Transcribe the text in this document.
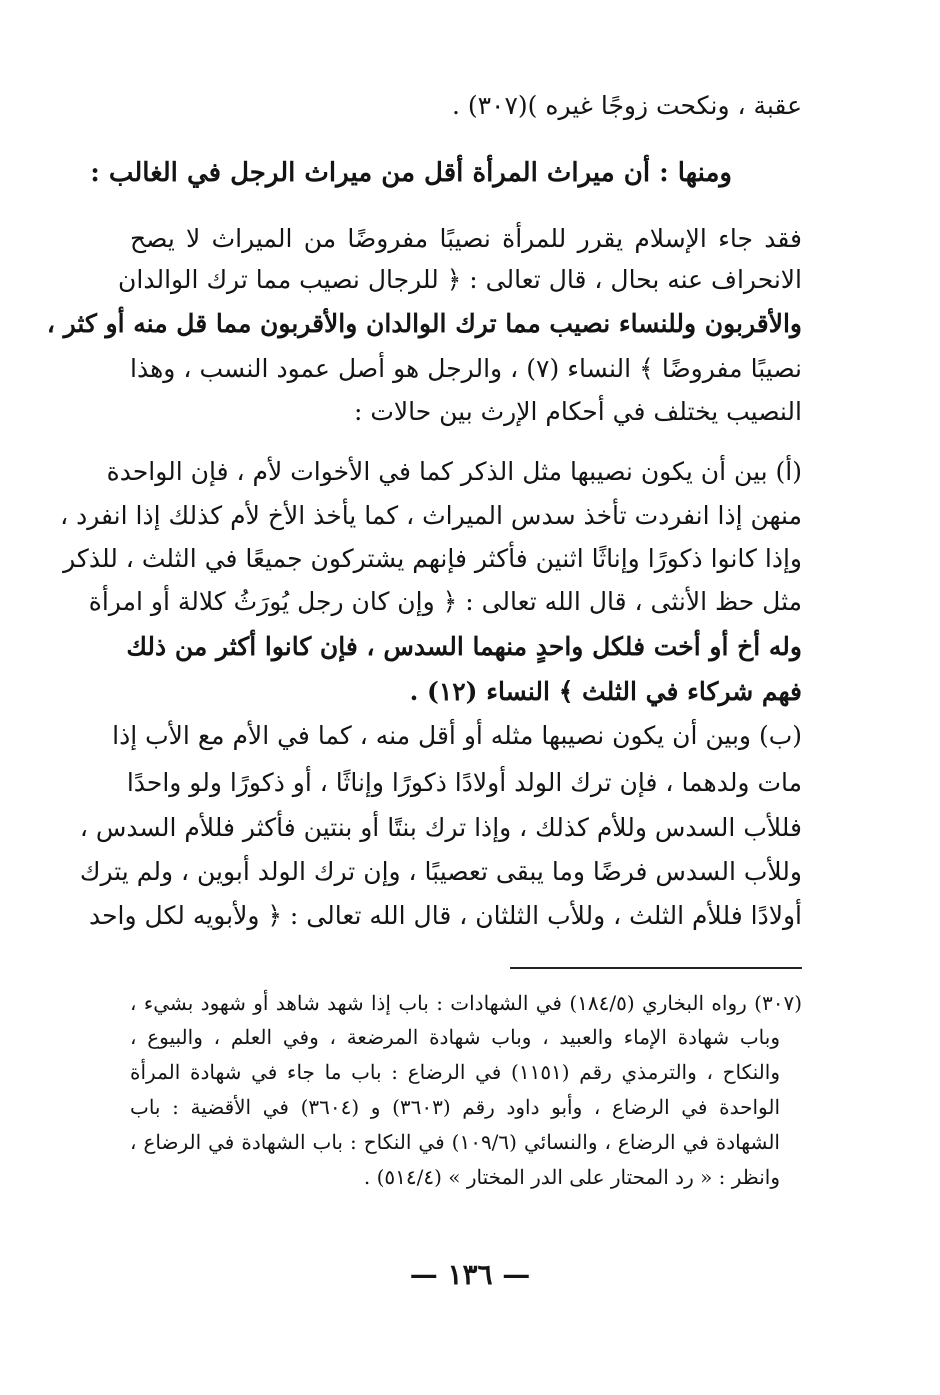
عقبة ، ونكحت زوجًا غيره )(٣٠٧) .
ومنها : أن ميراث المرأة أقل من ميراث الرجل في الغالب :
فقد جاء الإسلام يقرر للمرأة نصيبًا مفروضًا من الميراث لا يصح
الانحراف عنه بحال ، قال تعالى : ﴿ للرجال نصيب مما ترك الوالدان
والأقربون وللنساء نصيب مما ترك الوالدان والأقربون مما قل منه أو كثر ،
نصيبًا مفروضًا ﴾ النساء (٧) ، والرجل هو أصل عمود النسب ، وهذا
النصيب يختلف في أحكام الإرث بين حالات :
(أ) بين أن يكون نصيبها مثل الذكر كما في الأخوات لأم ، فإن الواحدة
منهن إذا انفردت تأخذ سدس الميراث ، كما يأخذ الأخ لأم كذلك إذا انفرد ،
وإذا كانوا ذكورًا وإناثًا اثنين فأكثر فإنهم يشتركون جميعًا في الثلث ، للذكر
مثل حظ الأنثى ، قال الله تعالى : ﴿ وإن كان رجل يُورَثُ كلالة أو امرأة
وله أخ أو أخت فلكل واحدٍ منهما السدس ، فإن كانوا أكثر من ذلك
فهم شركاء في الثلث ﴾ النساء (١٢) .
(ب) وبين أن يكون نصيبها مثله أو أقل منه ، كما في الأم مع الأب إذا
مات ولدهما ، فإن ترك الولد أولادًا ذكورًا وإناثًا ، أو ذكورًا ولو واحدًا
فللأب السدس وللأم كذلك ، وإذا ترك بنتًا أو بنتين فأكثر فللأم السدس ،
وللأب السدس فرضًا وما يبقى تعصيبًا ، وإن ترك الولد أبوين ، ولم يترك
أولادًا فللأم الثلث ، وللأب الثلثان ، قال الله تعالى : ﴿ ولأبويه لكل واحد
(٣٠٧) رواه البخاري (١٨٤/٥) في الشهادات : باب إذا شهد شاهد أو شهود بشيء ،
وباب شهادة الإماء والعبيد ، وباب شهادة المرضعة ، وفي العلم ، والبيوع ،
والنكاح ، والترمذي رقم (١١٥١) في الرضاع : باب ما جاء في شهادة المرأة
الواحدة في الرضاع ، وأبو داود رقم (٣٦٠٣) و (٣٦٠٤) في الأقضية : باب
الشهادة في الرضاع ، والنسائي (١٠٩/٦) في النكاح : باب الشهادة في الرضاع ،
وانظر : « رد المحتار على الدر المختار » (٥١٤/٤) .
— ١٣٦ —
